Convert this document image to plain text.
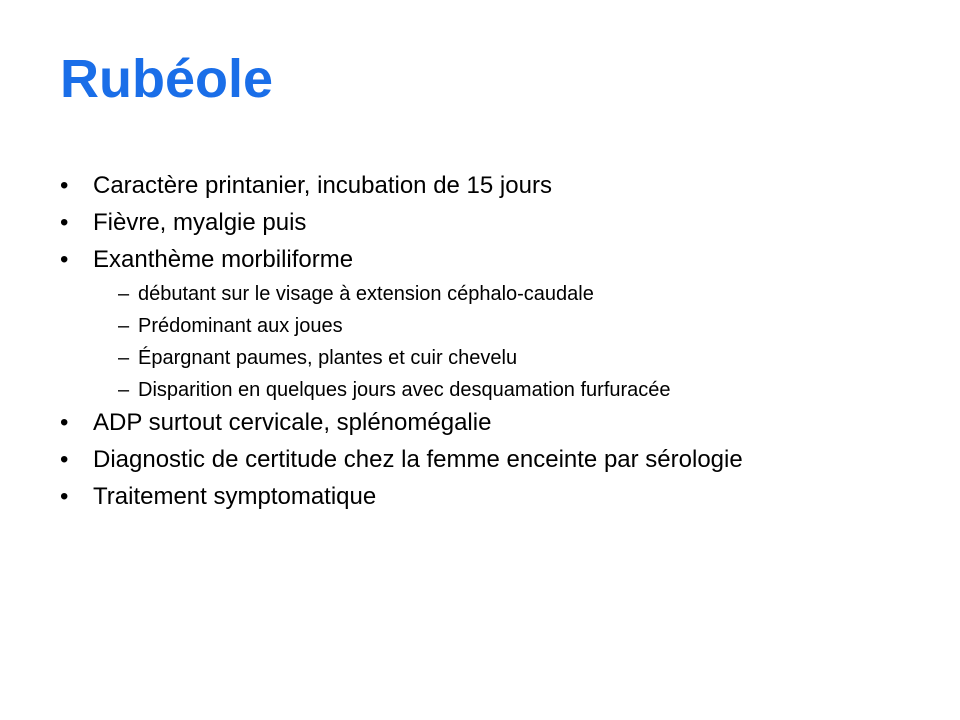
Rubéole
• Caractère printanier, incubation de 15 jours
• Fièvre, myalgie puis
• Exanthème morbiliforme
– débutant sur le visage à extension céphalo-caudale
– Prédominant aux joues
– Épargnant paumes, plantes et cuir chevelu
– Disparition en quelques jours avec desquamation furfuracée
• ADP surtout cervicale, splénomégalie
• Diagnostic de certitude chez la femme enceinte par sérologie
• Traitement symptomatique
